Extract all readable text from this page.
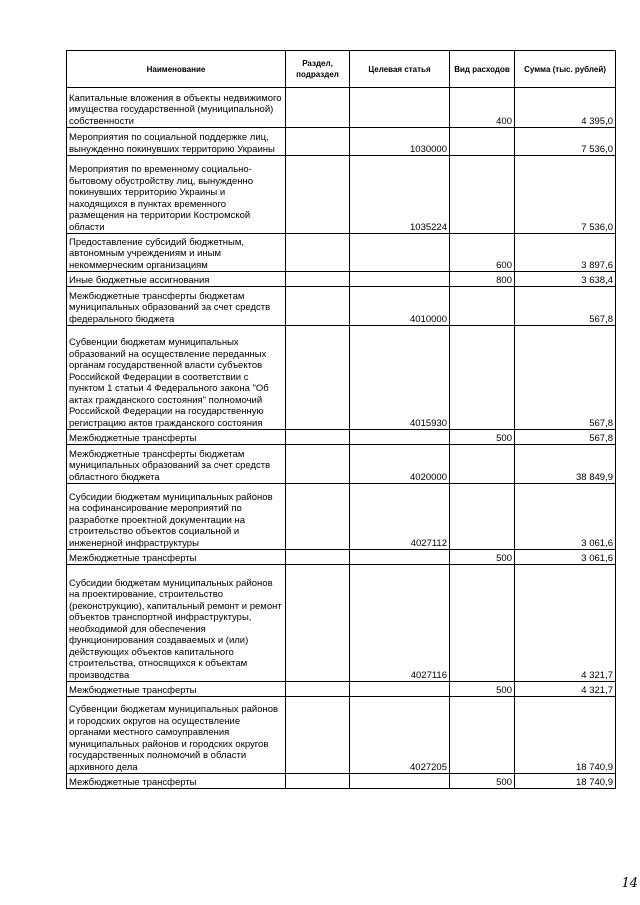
Наименование	Раздел, подраздел	Целевая статья	Вид расходов	Сумма (тыс. рублей)
Капитальные вложения в объекты недвижимого имущества государственной (муниципальной) собственности			400	4 395,0
Мероприятия по социальной поддержке лиц, вынужденно покинувших территорию Украины		1030000		7 536,0
Мероприятия по временному социально-бытовому обустройству лиц, вынужденно покинувших территорию Украины и находящихся в пунктах временного размещения на территории Костромской области		1035224		7 536,0
Предоставление субсидий бюджетным, автономным учреждениям и иным некоммерческим организациям			600	3 897,6
Иные бюджетные ассигнования			800	3 638,4
Межбюджетные трансферты бюджетам муниципальных образований за счет средств федерального бюджета		4010000		567,8
Субвенции бюджетам муниципальных образований на осуществление переданных органам государственной власти субъектов Российской Федерации в соответствии с пунктом 1 статьи 4 Федерального закона "Об актах гражданского состояния" полномочий Российской Федерации на государственную регистрацию актов гражданского состояния		4015930		567,8
Межбюджетные трансферты			500	567,8
Межбюджетные трансферты бюджетам муниципальных образований за счет средств областного бюджета		4020000		38 849,9
Субсидии бюджетам муниципальных районов на софинансирование мероприятий по разработке проектной документации на строительство объектов социальной и инженерной инфраструктуры		4027112		3 061,6
Межбюджетные трансферты			500	3 061,6
Субсидии бюджетам муниципальных районов на проектирование, строительство (реконструкцию), капитальный ремонт и ремонт объектов транспортной инфраструктуры, необходимой для обеспечения функционирования создаваемых и (или) действующих объектов капитального строительства, относящихся к объектам производства		4027116		4 321,7
Межбюджетные трансферты			500	4 321,7
Субвенции бюджетам муниципальных районов и городских округов на осуществление органами местного самоуправления муниципальных районов и городских округов государственных полномочий в области архивного дела		4027205		18 740,9
Межбюджетные трансферты			500	18 740,9
14
